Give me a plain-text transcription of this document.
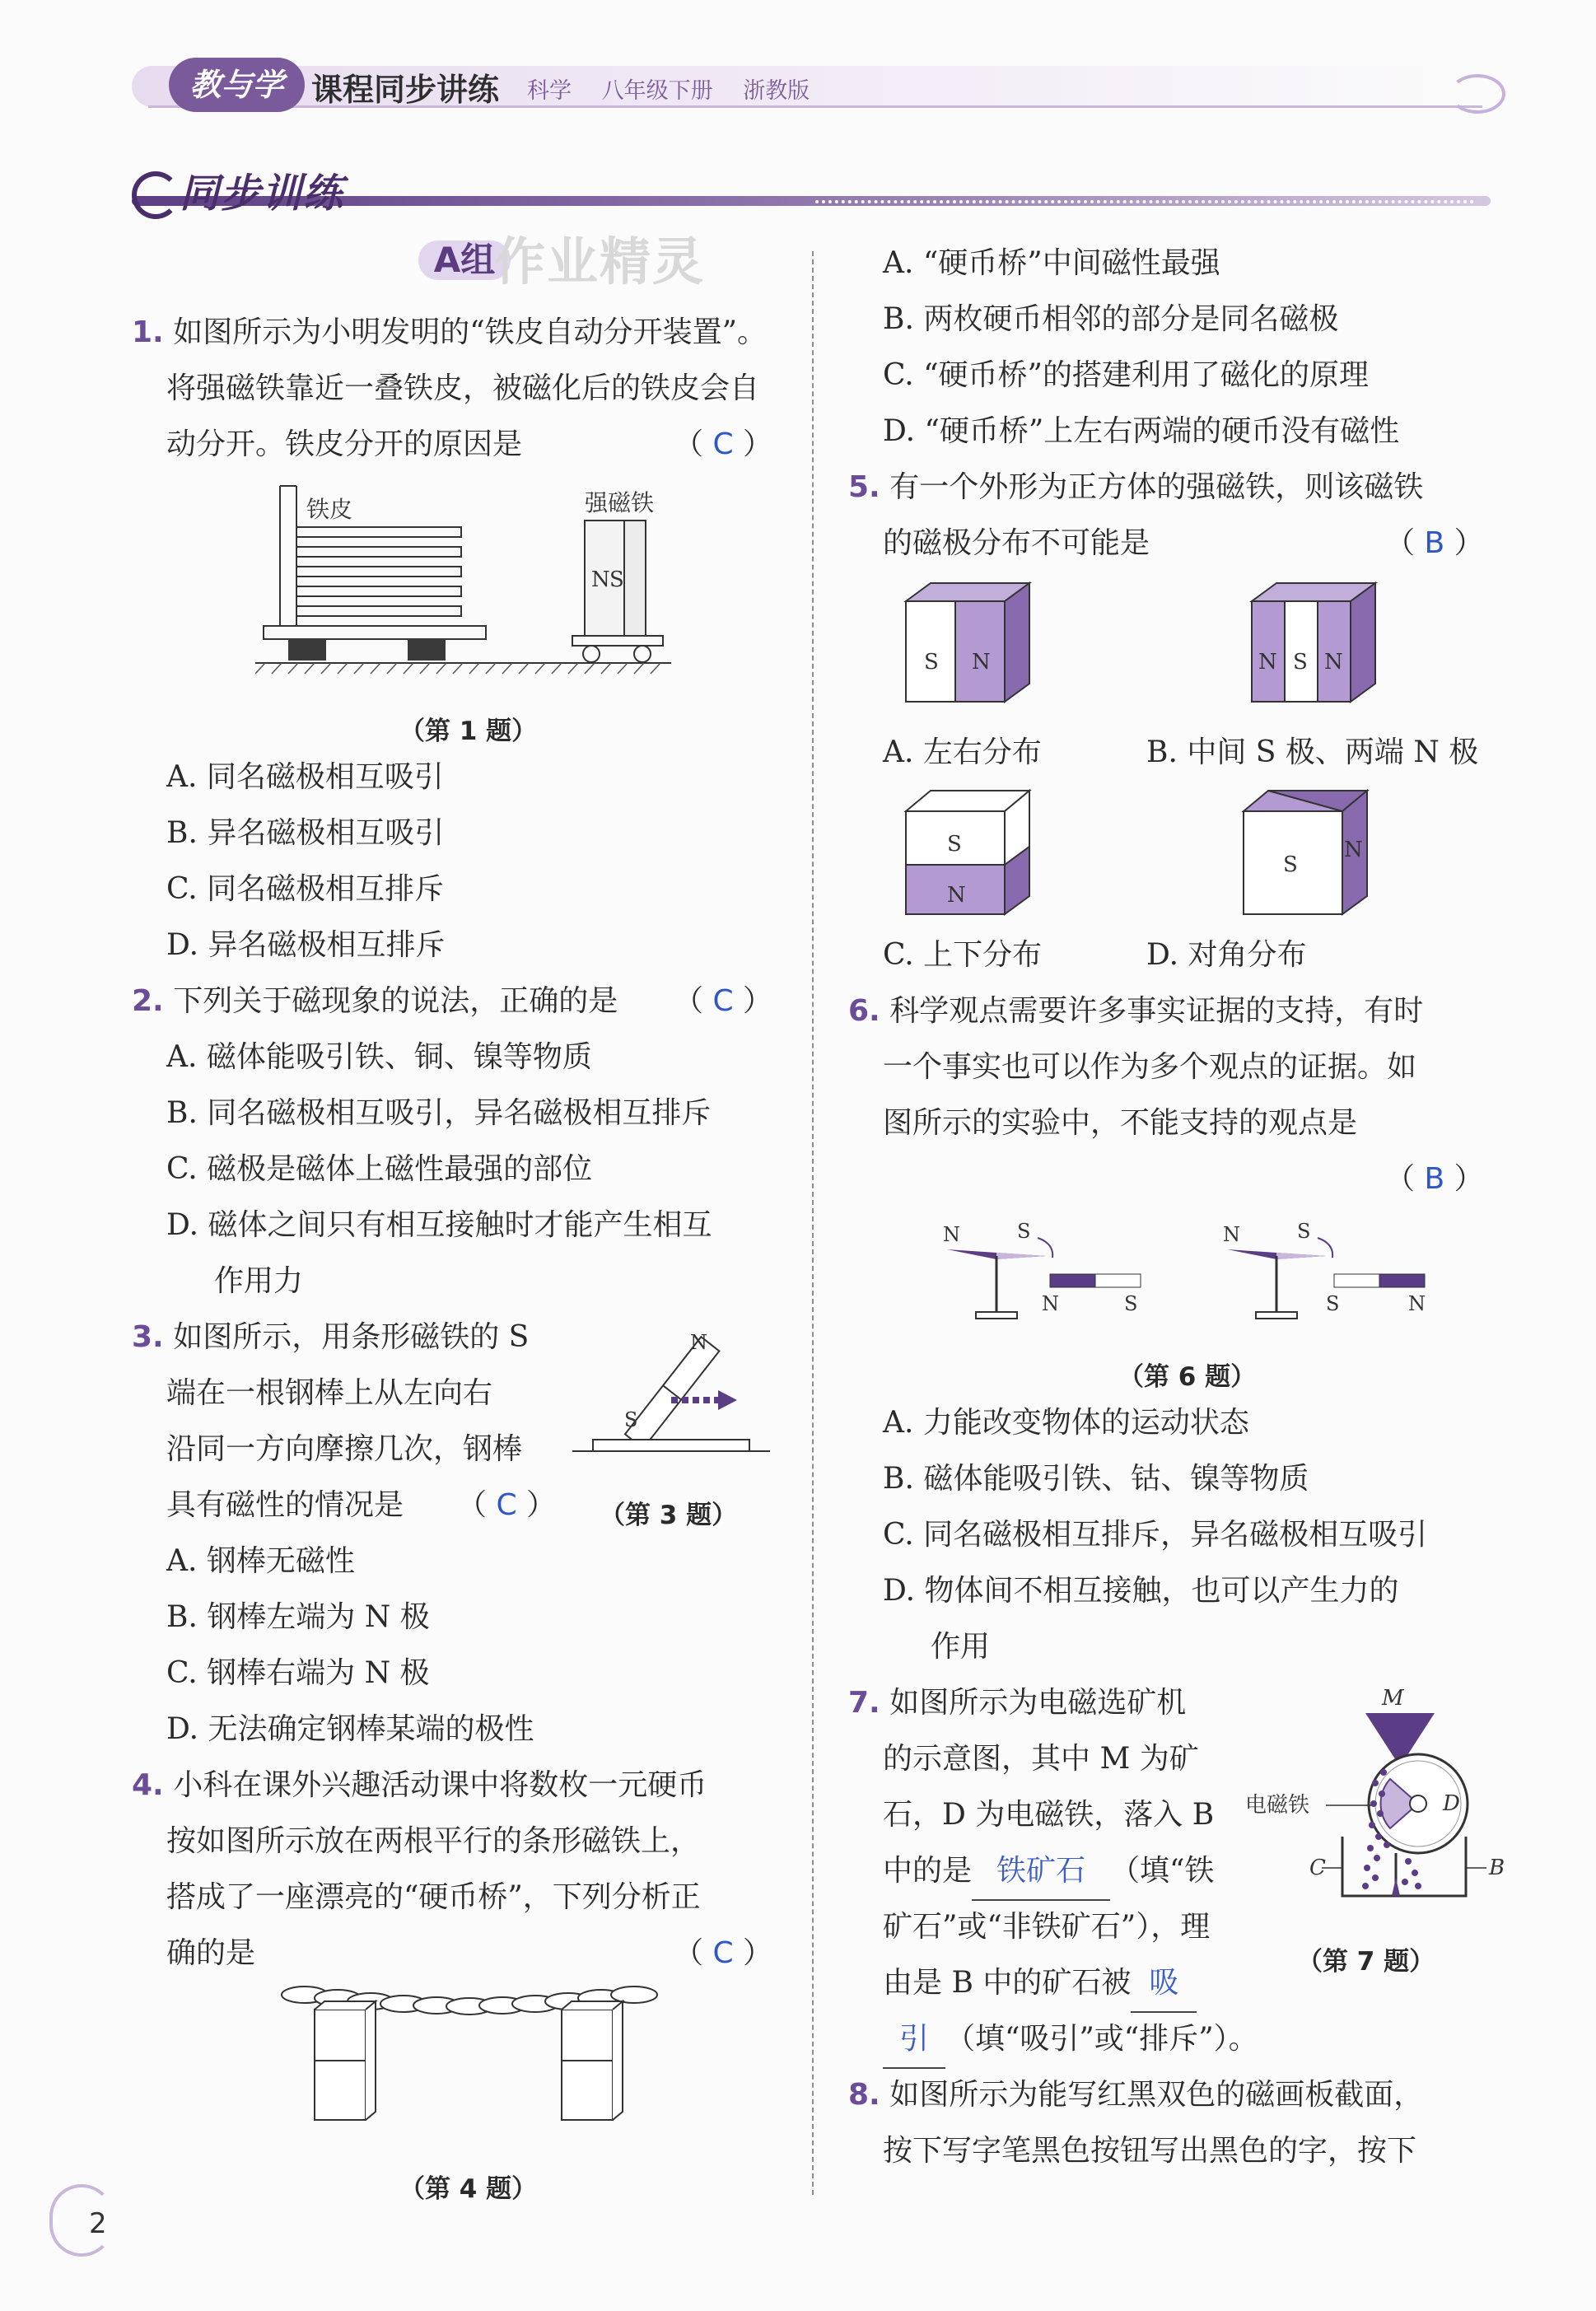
教与学 课程同步讲练 科学 八年级下册 浙教版
同步训练
A组
作业精灵
1. 如图所示为小明发明的“铁皮自动分开装置”。
将强磁铁靠近一叠铁皮，被磁化后的铁皮会自
动分开。铁皮分开的原因是	（ C ）
铁皮	强磁铁
N S
（第 1 题）
A. 同名磁极相互吸引
B. 异名磁极相互吸引
C. 同名磁极相互排斥
D. 异名磁极相互排斥
2. 下列关于磁现象的说法，正确的是 （ C ）
A. 磁体能吸引铁、铜、镍等物质
B. 同名磁极相互吸引，异名磁极相互排斥
C. 磁极是磁体上磁性最强的部位
D. 磁体之间只有相互接触时才能产生相互
作用力
3. 如图所示，用条形磁铁的 S
端在一根钢棒上从左向右
沿同一方向摩擦几次，钢棒
具有磁性的情况是 （ C ）
S
N
（第 3 题）
A. 钢棒无磁性
B. 钢棒左端为 N 极
C. 钢棒右端为 N 极
D. 无法确定钢棒某端的极性
4. 小科在课外兴趣活动课中将数枚一元硬币
按如图所示放在两根平行的条形磁铁上，
搭成了一座漂亮的“硬币桥”，下列分析正
确的是	（ C ）
（第 4 题）
2
A. “硬币桥”中间磁性最强
B. 两枚硬币相邻的部分是同名磁极
C. “硬币桥”的搭建利用了磁化的原理
D. “硬币桥”上左右两端的硬币没有磁性
5. 有一个外形为正方体的强磁铁，则该磁铁
的磁极分布不可能是	（ B ）
S N	N S N
A. 左右分布	B. 中间 S 极、两端 N 极
S
N
S
N
C. 上下分布	D. 对角分布
6. 科学观点需要许多事实证据的支持，有时
一个事实也可以作为多个观点的证据。如
图所示的实验中，不能支持的观点是
（ B ）
N	S
N	S
N	S
S	N
（第 6 题）
A. 力能改变物体的运动状态
B. 磁体能吸引铁、钴、镍等物质
C. 同名磁极相互排斥，异名磁极相互吸引
D. 物体间不相互接触，也可以产生力的
作用
7. 如图所示为电磁选矿机
的示意图，其中 M 为矿
石，D 为电磁铁，落入 B
中的是 铁矿石 （填“铁
矿石”或“非铁矿石”），理
由是 B 中的矿石被 吸
引 （填“吸引”或“排斥”）。
M
D
电磁铁
C	B
（第 7 题）
8. 如图所示为能写红黑双色的磁画板截面，
按下写字笔黑色按钮写出黑色的字，按下
